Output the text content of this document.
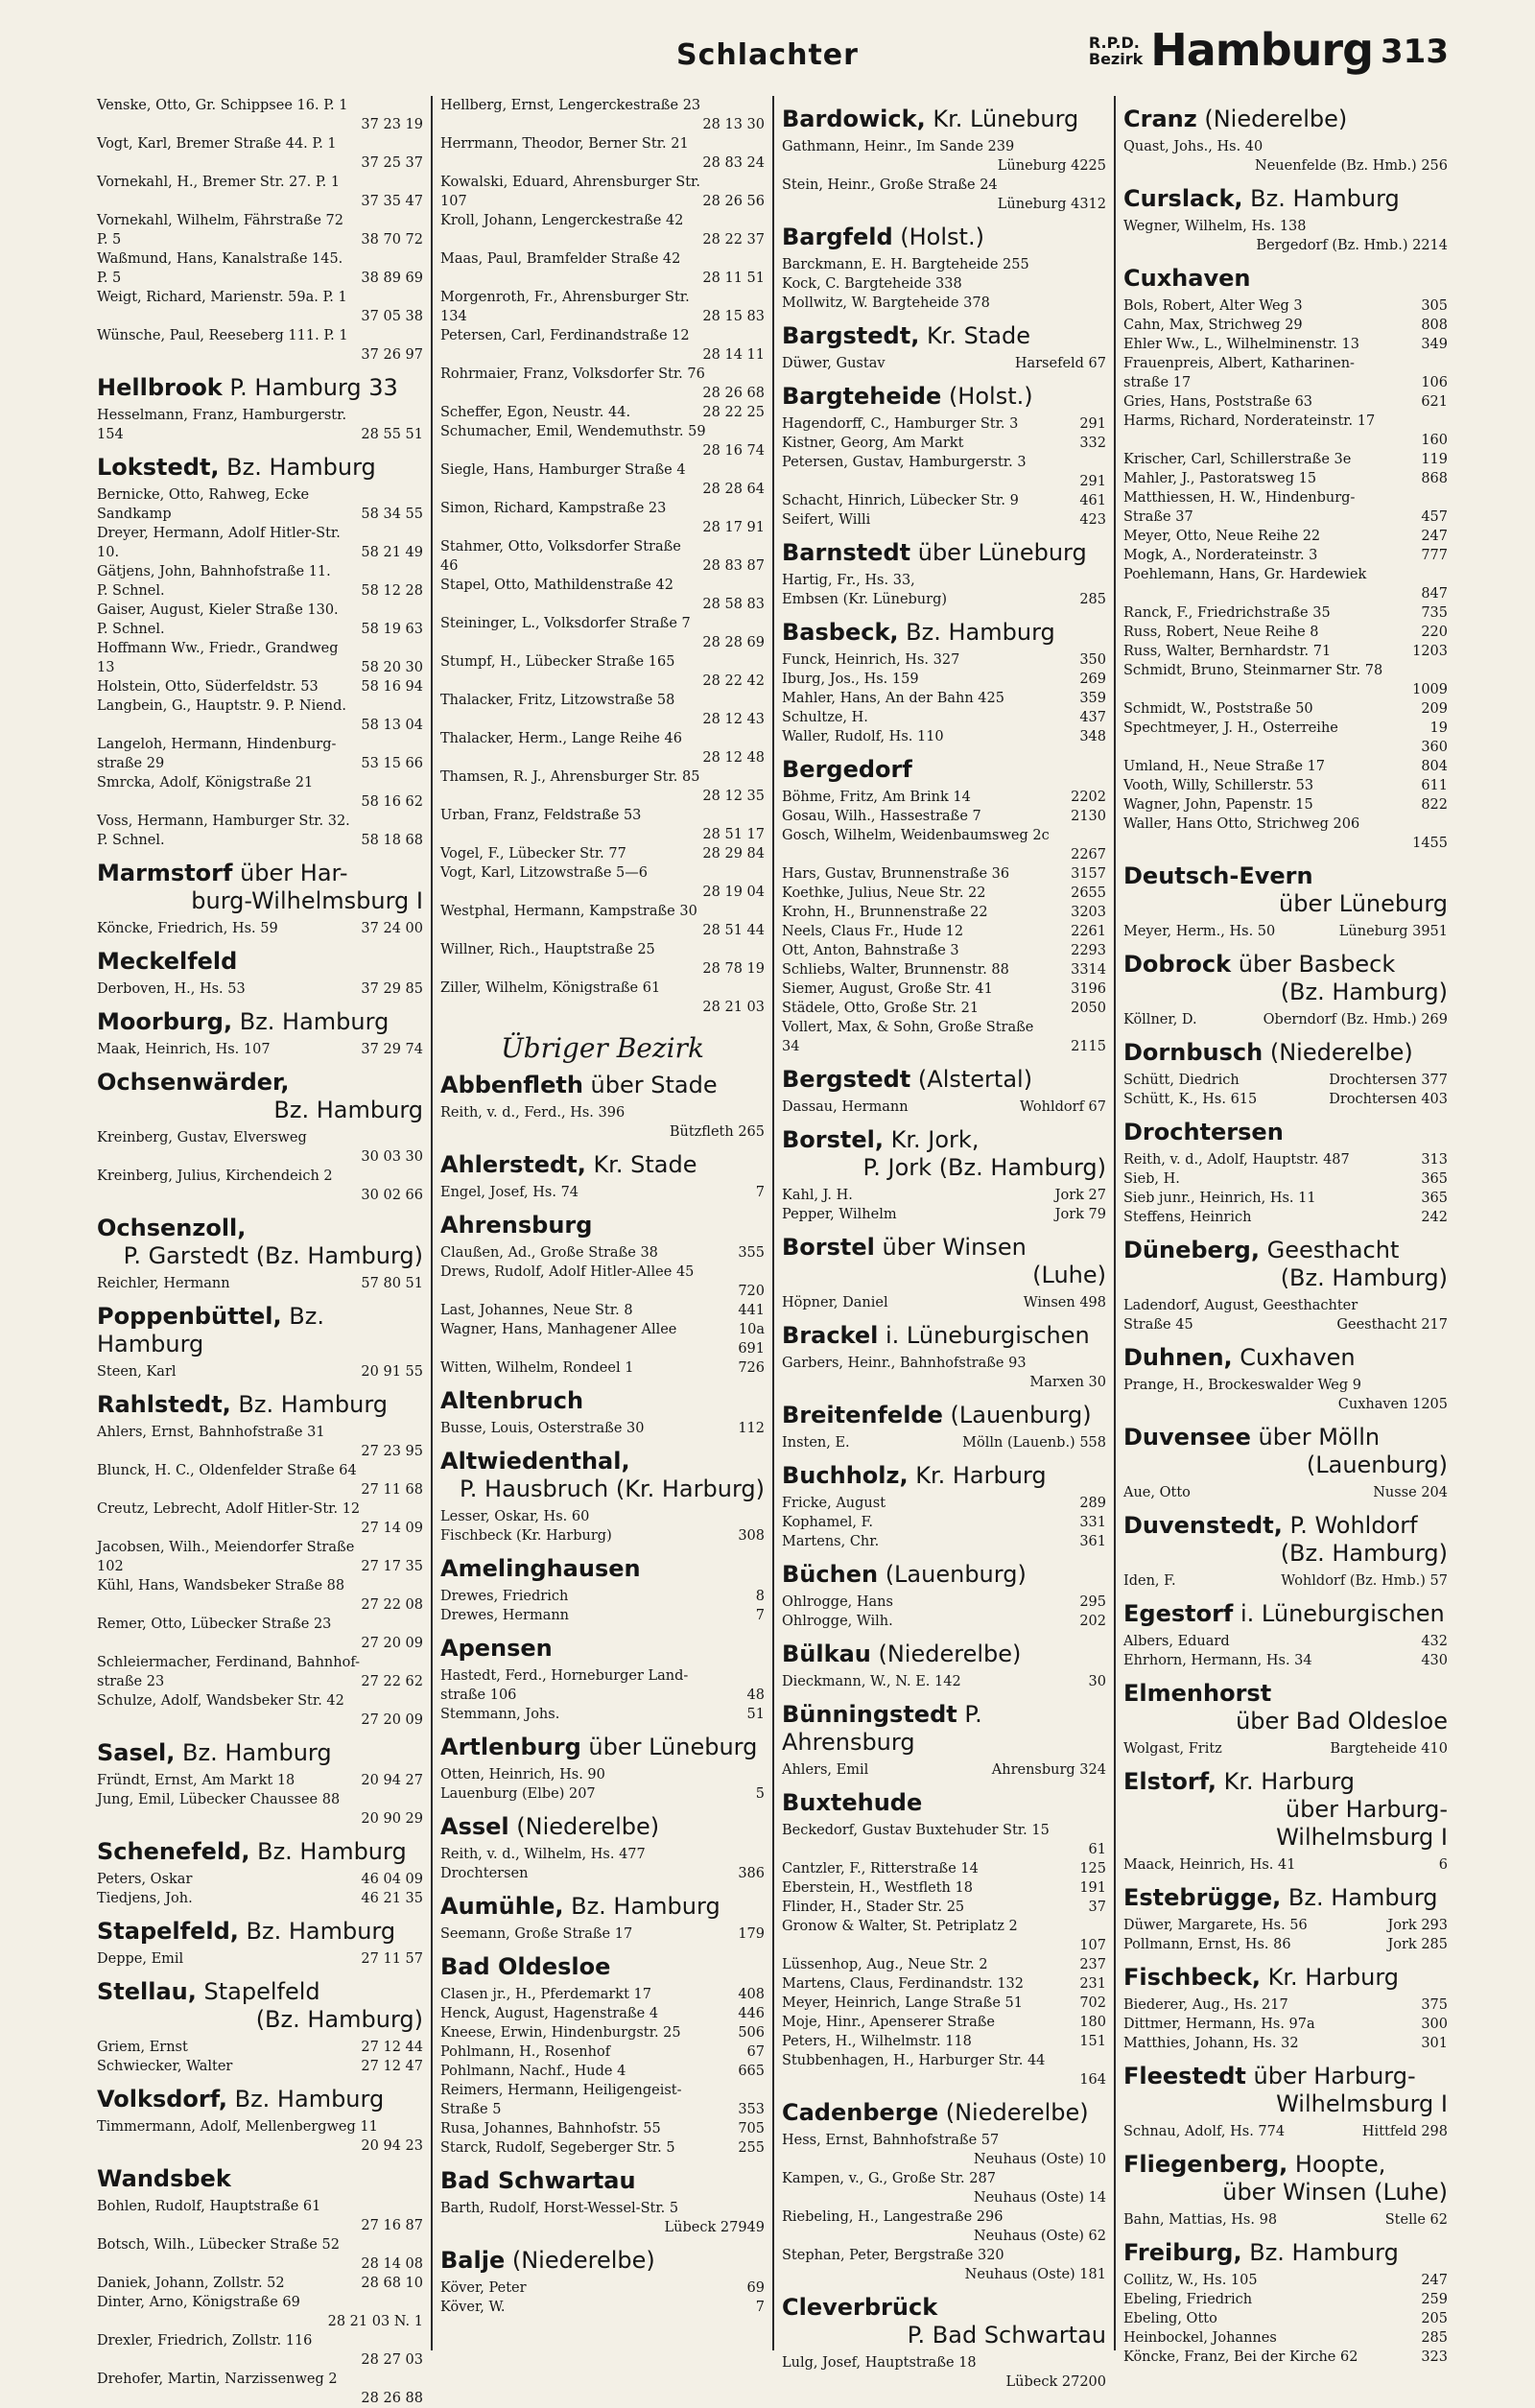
Schlachter	R.P.D.
Bezirk Hamburg 313
Venske, Otto, Gr. Schippsee 16. P. 1
37 23 19
Vogt, Karl, Bremer Straße 44. P. 1
37 25 37
Vornekahl, H., Bremer Str. 27. P. 1
37 35 47
Vornekahl, Wilhelm, Fährstraße 72
P. 5	38 70 72
Waßmund, Hans, Kanalstraße 145.
P. 5	38 89 69
Weigt, Richard, Marienstr. 59a. P. 1
37 05 38
Wünsche, Paul, Reeseberg 111. P. 1
37 26 97
Hellbrook P. Hamburg 33
Hesselmann, Franz, Hamburgerstr.
154	28 55 51
Lokstedt, Bz. Hamburg
Bernicke, Otto, Rahweg, Ecke
Sandkamp	58 34 55
Dreyer, Hermann, Adolf Hitler-Str.
10.	58 21 49
Gätjens, John, Bahnhofstraße 11.
P. Schnel.	58 12 28
Gaiser, August, Kieler Straße 130.
P. Schnel.	58 19 63
Hoffmann Ww., Friedr., Grandweg
13	58 20 30
Holstein, Otto, Süderfeldstr. 53	58 16 94
Langbein, G., Hauptstr. 9. P. Niend.
58 13 04
Langeloh, Hermann, Hindenburg-
straße 29	53 15 66
Smrcka, Adolf, Königstraße 21
58 16 62
Voss, Hermann, Hamburger Str. 32.
P. Schnel.	58 18 68
Marmstorf über Har-
burg-Wilhelmsburg I
Köncke, Friedrich, Hs. 59	37 24 00
Meckelfeld
Derboven, H., Hs. 53	37 29 85
Moorburg, Bz. Hamburg
Maak, Heinrich, Hs. 107	37 29 74
Ochsenwärder,
Bz. Hamburg
Kreinberg, Gustav, Elversweg
30 03 30
Kreinberg, Julius, Kirchendeich 2
30 02 66
Ochsenzoll,
P. Garstedt (Bz. Hamburg)
Reichler, Hermann	57 80 51
Poppenbüttel, Bz. Hamburg
Steen, Karl	20 91 55
Rahlstedt, Bz. Hamburg
Ahlers, Ernst, Bahnhofstraße 31
27 23 95
Blunck, H. C., Oldenfelder Straße 64
27 11 68
Creutz, Lebrecht, Adolf Hitler-Str. 12
27 14 09
Jacobsen, Wilh., Meiendorfer Straße
102	27 17 35
Kühl, Hans, Wandsbeker Straße 88
27 22 08
Remer, Otto, Lübecker Straße 23
27 20 09
Schleiermacher, Ferdinand, Bahnhof-
straße 23	27 22 62
Schulze, Adolf, Wandsbeker Str. 42
27 20 09
Sasel, Bz. Hamburg
Fründt, Ernst, Am Markt 18	20 94 27
Jung, Emil, Lübecker Chaussee 88
20 90 29
Schenefeld, Bz. Hamburg
Peters, Oskar	46 04 09
Tiedjens, Joh.	46 21 35
Stapelfeld, Bz. Hamburg
Deppe, Emil	27 11 57
Stellau, Stapelfeld
(Bz. Hamburg)
Griem, Ernst	27 12 44
Schwiecker, Walter	27 12 47
Volksdorf, Bz. Hamburg
Timmermann, Adolf, Mellenbergweg 11
20 94 23
Wandsbek
Bohlen, Rudolf, Hauptstraße 61
27 16 87
Botsch, Wilh., Lübecker Straße 52
28 14 08
Daniek, Johann, Zollstr. 52	28 68 10
Dinter, Arno, Königstraße 69
28 21 03 N. 1
Drexler, Friedrich, Zollstr. 116
28 27 03
Drehofer, Martin, Narzissenweg 2
28 26 88
Hellberg, Ernst, Lengerckestraße 23
28 13 30
Herrmann, Theodor, Berner Str. 21
28 83 24
Kowalski, Eduard, Ahrensburger Str.
107	28 26 56
Kroll, Johann, Lengerckestraße 42
28 22 37
Maas, Paul, Bramfelder Straße 42
28 11 51
Morgenroth, Fr., Ahrensburger Str.
134	28 15 83
Petersen, Carl, Ferdinandstraße 12
28 14 11
Rohrmaier, Franz, Volksdorfer Str. 76
28 26 68
Scheffer, Egon, Neustr. 44.	28 22 25
Schumacher, Emil, Wendemuthstr. 59
28 16 74
Siegle, Hans, Hamburger Straße 4
28 28 64
Simon, Richard, Kampstraße 23
28 17 91
Stahmer, Otto, Volksdorfer Straße
46	28 83 87
Stapel, Otto, Mathildenstraße 42
28 58 83
Steininger, L., Volksdorfer Straße 7
28 28 69
Stumpf, H., Lübecker Straße 165
28 22 42
Thalacker, Fritz, Litzowstraße 58
28 12 43
Thalacker, Herm., Lange Reihe 46
28 12 48
Thamsen, R. J., Ahrensburger Str. 85
28 12 35
Urban, Franz, Feldstraße 53
28 51 17
Vogel, F., Lübecker Str. 77	28 29 84
Vogt, Karl, Litzowstraße 5—6
28 19 04
Westphal, Hermann, Kampstraße 30
28 51 44
Willner, Rich., Hauptstraße 25
28 78 19
Ziller, Wilhelm, Königstraße 61
28 21 03
Übriger Bezirk
Abbenfleth über Stade
Reith, v. d., Ferd., Hs. 396
Bützfleth 265
Ahlerstedt, Kr. Stade
Engel, Josef, Hs. 74	7
Ahrensburg
Claußen, Ad., Große Straße 38	355
Drews, Rudolf, Adolf Hitler-Allee 45
720
Last, Johannes, Neue Str. 8	441
Wagner, Hans, Manhagener Allee	10a
691
Witten, Wilhelm, Rondeel 1	726
Altenbruch
Busse, Louis, Osterstraße 30	112
Altwiedenthal,
P. Hausbruch (Kr. Harburg)
Lesser, Oskar, Hs. 60
Fischbeck (Kr. Harburg)	308
Amelinghausen
Drewes, Friedrich	8
Drewes, Hermann	7
Apensen
Hastedt, Ferd., Horneburger Land-
straße 106	48
Stemmann, Johs.	51
Artlenburg über Lüneburg
Otten, Heinrich, Hs. 90
Lauenburg (Elbe) 207	5
Assel (Niederelbe)
Reith, v. d., Wilhelm, Hs. 477
Drochtersen	386
Aumühle, Bz. Hamburg
Seemann, Große Straße 17	179
Bad Oldesloe
Clasen jr., H., Pferdemarkt 17	408
Henck, August, Hagenstraße 4	446
Kneese, Erwin, Hindenburgstr. 25	506
Pohlmann, H., Rosenhof	67
Pohlmann, Nachf., Hude 4	665
Reimers, Hermann, Heiligengeist-
Straße 5	353
Rusa, Johannes, Bahnhofstr. 55	705
Starck, Rudolf, Segeberger Str. 5	255
Bad Schwartau
Barth, Rudolf, Horst-Wessel-Str. 5
Lübeck 27949
Balje (Niederelbe)
Köver, Peter	69
Köver, W.	7
Bardowick, Kr. Lüneburg
Gathmann, Heinr., Im Sande 239
Lüneburg 4225
Stein, Heinr., Große Straße 24
Lüneburg 4312
Bargfeld (Holst.)
Barckmann, E. H. Bargteheide 255
Kock, C. Bargteheide 338
Mollwitz, W. Bargteheide 378
Bargstedt, Kr. Stade
Düwer, Gustav	Harsefeld 67
Bargteheide (Holst.)
Hagendorff, C., Hamburger Str. 3	291
Kistner, Georg, Am Markt	332
Petersen, Gustav, Hamburgerstr. 3
291
Schacht, Hinrich, Lübecker Str. 9	461
Seifert, Willi	423
Barnstedt über Lüneburg
Hartig, Fr., Hs. 33,
Embsen (Kr. Lüneburg)	285
Basbeck, Bz. Hamburg
Funck, Heinrich, Hs. 327	350
Iburg, Jos., Hs. 159	269
Mahler, Hans, An der Bahn 425	359
Schultze, H.	437
Waller, Rudolf, Hs. 110	348
Bergedorf
Böhme, Fritz, Am Brink 14	2202
Gosau, Wilh., Hassestraße 7	2130
Gosch, Wilhelm, Weidenbaumsweg 2c
2267
Hars, Gustav, Brunnenstraße 36	3157
Koethke, Julius, Neue Str. 22	2655
Krohn, H., Brunnenstraße 22	3203
Neels, Claus Fr., Hude 12	2261
Ott, Anton, Bahnstraße 3	2293
Schliebs, Walter, Brunnenstr. 88	3314
Siemer, August, Große Str. 41	3196
Städele, Otto, Große Str. 21	2050
Vollert, Max, & Sohn, Große Straße
34	2115
Bergstedt (Alstertal)
Dassau, Hermann	Wohldorf 67
Borstel, Kr. Jork,
P. Jork (Bz. Hamburg)
Kahl, J. H.	Jork 27
Pepper, Wilhelm	Jork 79
Borstel über Winsen
(Luhe)
Höpner, Daniel	Winsen 498
Brackel i. Lüneburgischen
Garbers, Heinr., Bahnhofstraße 93
Marxen 30
Breitenfelde (Lauenburg)
Insten, E.	Mölln (Lauenb.) 558
Buchholz, Kr. Harburg
Fricke, August	289
Kophamel, F.	331
Martens, Chr.	361
Büchen (Lauenburg)
Ohlrogge, Hans	295
Ohlrogge, Wilh.	202
Bülkau (Niederelbe)
Dieckmann, W., N. E. 142	30
Bünningstedt P. Ahrensburg
Ahlers, Emil	Ahrensburg 324
Buxtehude
Beckedorf, Gustav Buxtehuder Str. 15
61
Cantzler, F., Ritterstraße 14	125
Eberstein, H., Westfleth 18	191
Flinder, H., Stader Str. 25	37
Gronow & Walter, St. Petriplatz 2
107
Lüssenhop, Aug., Neue Str. 2	237
Martens, Claus, Ferdinandstr. 132	231
Meyer, Heinrich, Lange Straße 51	702
Moje, Hinr., Apenserer Straße	180
Peters, H., Wilhelmstr. 118	151
Stubbenhagen, H., Harburger Str. 44
164
Cadenberge (Niederelbe)
Hess, Ernst, Bahnhofstraße 57
Neuhaus (Oste) 10
Kampen, v., G., Große Str. 287
Neuhaus (Oste) 14
Riebeling, H., Langestraße 296
Neuhaus (Oste) 62
Stephan, Peter, Bergstraße 320
Neuhaus (Oste) 181
Cleverbrück
P. Bad Schwartau
Lulg, Josef, Hauptstraße 18
Lübeck 27200
Cranz (Niederelbe)
Quast, Johs., Hs. 40
Neuenfelde (Bz. Hmb.) 256
Curslack, Bz. Hamburg
Wegner, Wilhelm, Hs. 138
Bergedorf (Bz. Hmb.) 2214
Cuxhaven
Bols, Robert, Alter Weg 3	305
Cahn, Max, Strichweg 29	808
Ehler Ww., L., Wilhelminenstr. 13	349
Frauenpreis, Albert, Katharinen-
straße 17	106
Gries, Hans, Poststraße 63	621
Harms, Richard, Norderateinstr. 17
160
Krischer, Carl, Schillerstraße 3e	119
Mahler, J., Pastoratsweg 15	868
Matthiessen, H. W., Hindenburg-
Straße 37	457
Meyer, Otto, Neue Reihe 22	247
Mogk, A., Norderateinstr. 3	777
Poehlemann, Hans, Gr. Hardewiek
847
Ranck, F., Friedrichstraße 35	735
Russ, Robert, Neue Reihe 8	220
Russ, Walter, Bernhardstr. 71	1203
Schmidt, Bruno, Steinmarner Str. 78
1009
Schmidt, W., Poststraße 50	209
Spechtmeyer, J. H., Osterreihe	19
360
Umland, H., Neue Straße 17	804
Vooth, Willy, Schillerstr. 53	611
Wagner, John, Papenstr. 15	822
Waller, Hans Otto, Strichweg 206
1455
Deutsch-Evern
über Lüneburg
Meyer, Herm., Hs. 50	Lüneburg 3951
Dobrock über Basbeck
(Bz. Hamburg)
Köllner, D.	Oberndorf (Bz. Hmb.) 269
Dornbusch (Niederelbe)
Schütt, Diedrich	Drochtersen 377
Schütt, K., Hs. 615	Drochtersen 403
Drochtersen
Reith, v. d., Adolf, Hauptstr. 487	313
Sieb, H.	365
Sieb junr., Heinrich, Hs. 11	365
Steffens, Heinrich	242
Düneberg, Geesthacht
(Bz. Hamburg)
Ladendorf, August, Geesthachter
Straße 45	Geesthacht 217
Duhnen, Cuxhaven
Prange, H., Brockeswalder Weg 9
Cuxhaven 1205
Duvensee über Mölln
(Lauenburg)
Aue, Otto	Nusse 204
Duvenstedt, P. Wohldorf
(Bz. Hamburg)
Iden, F.	Wohldorf (Bz. Hmb.) 57
Egestorf i. Lüneburgischen
Albers, Eduard	432
Ehrhorn, Hermann, Hs. 34	430
Elmenhorst
über Bad Oldesloe
Wolgast, Fritz	Bargteheide 410
Elstorf, Kr. Harburg
über Harburg-
Wilhelmsburg I
Maack, Heinrich, Hs. 41	6
Estebrügge, Bz. Hamburg
Düwer, Margarete, Hs. 56	Jork 293
Pollmann, Ernst, Hs. 86	Jork 285
Fischbeck, Kr. Harburg
Biederer, Aug., Hs. 217	375
Dittmer, Hermann, Hs. 97a	300
Matthies, Johann, Hs. 32	301
Fleestedt über Harburg-
Wilhelmsburg I
Schnau, Adolf, Hs. 774	Hittfeld 298
Fliegenberg, Hoopte,
über Winsen (Luhe)
Bahn, Mattias, Hs. 98	Stelle 62
Freiburg, Bz. Hamburg
Collitz, W., Hs. 105	247
Ebeling, Friedrich	259
Ebeling, Otto	205
Heinbockel, Johannes	285
Köncke, Franz, Bei der Kirche 62	323
